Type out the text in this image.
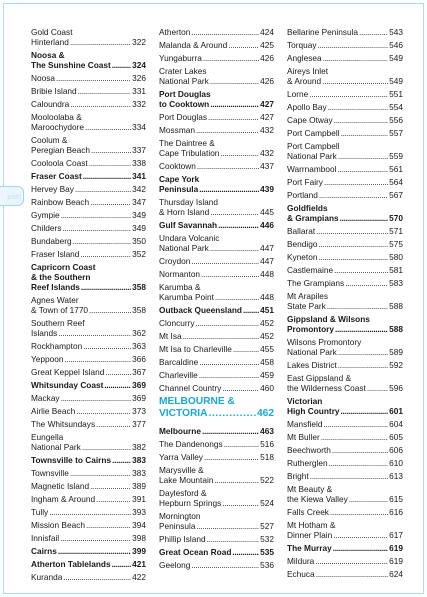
psel
Gold Coast
Hinterland . . .	322
Noosa &
The Sunshine Coast . . .	324
Noosa . . .	326
Bribie Island . . .	331
Caloundra . . .	332
Mooloolaba &
Maroochydore . . .	334
Coolum &
Peregian Beach . . .	337
Cooloola Coast . . .	338
Fraser Coast . . .	341
Hervey Bay . . .	342
Rainbow Beach . . .	347
Gympie . . .	349
Childers . . .	349
Bundaberg . . .	350
Fraser Island . . .	352
Capricorn Coast
& the Southern
Reef Islands . . .	358
Agnes Water
& Town of 1770 . . .	358
Southern Reef
Islands . . .	362
Rockhampton . . .	363
Yeppoon . . .	366
Great Keppel Island . . .	367
Whitsunday Coast . . .	369
Mackay . . .	369
Airlie Beach . . .	373
The Whitsundays . . .	377
Eungella
National Park . . .	382
Townsville to Cairns . . .	383
Townsville . . .	383
Magnetic Island . . .	389
Ingham & Around . . .	391
Tully . . .	393
Mission Beach . . .	394
Innisfail . . .	398
Cairns . . .	399
Atherton Tablelands . . .	421
Kuranda . . .	422
Atherton . . .	424
Malanda & Around . . .	425
Yungaburra . . .	426
Crater Lakes
National Park . . .	426
Port Douglas
to Cooktown . . .	427
Port Douglas . . .	427
Mossman . . .	432
The Daintree &
Cape Tribulation . . .	432
Cooktown . . .	437
Cape York
Peninsula . . .	439
Thursday Island
& Horn Island . . .	445
Gulf Savannah . . .	446
Undara Volcanic
National Park . . .	447
Croydon . . .	447
Normanton . . .	448
Karumba &
Karumba Point . . .	448
Outback Queensland . . . 451
Cloncurry . . .	452
Mt Isa . . .	452
Mt Isa to Charleville . . .	455
Barcaldine . . .	458
Charleville . . .	459
Channel Country . . .	460
MELBOURNE &
VICTORIA . . .	462
Melbourne . . .	463
The Dandenongs . . .	516
Yarra Valley . . .	518
Marysville &
Lake Mountain . . .	522
Daylesford &
Hepburn Springs . . .	524
Mornington
Peninsula . . .	527
Phillip Island . . .	532
Great Ocean Road . . .	535
Geelong . . .	536
Bellarine Peninsula . . .	543
Torquay . . .	546
Anglesea . . .	549
Aireys Inlet
& Around . . .	549
Lorne . . .	551
Apollo Bay . . .	554
Cape Otway . . .	556
Port Campbell . . .	557
Port Campbell
National Park . . .	559
Warrnambool . . .	561
Port Fairy . . .	564
Portland . . .	567
Goldfields
& Grampians . . .	570
Ballarat . . .	571
Bendigo . . .	575
Kyneton . . .	580
Castlemaine . . .	581
The Grampians . . .	583
Mt Arapiles
State Park . . .	588
Gippsland & Wilsons
Promontory . . .	588
Wilsons Promontory
National Park . . .	589
Lakes District . . .	592
East Gippsland &
the Wilderness Coast . . .	596
Victorian
High Country . . .	601
Mansfield . . .	604
Mt Buller . . .	605
Beechworth . . .	606
Rutherglen . . .	610
Bright . . .	613
Mt Beauty &
the Kiewa Valley . . .	615
Falls Creek . . .	616
Mt Hotham &
Dinner Plain . . .	617
The Murray . . .	619
Mildura . . .	619
Echuca . . .	624
